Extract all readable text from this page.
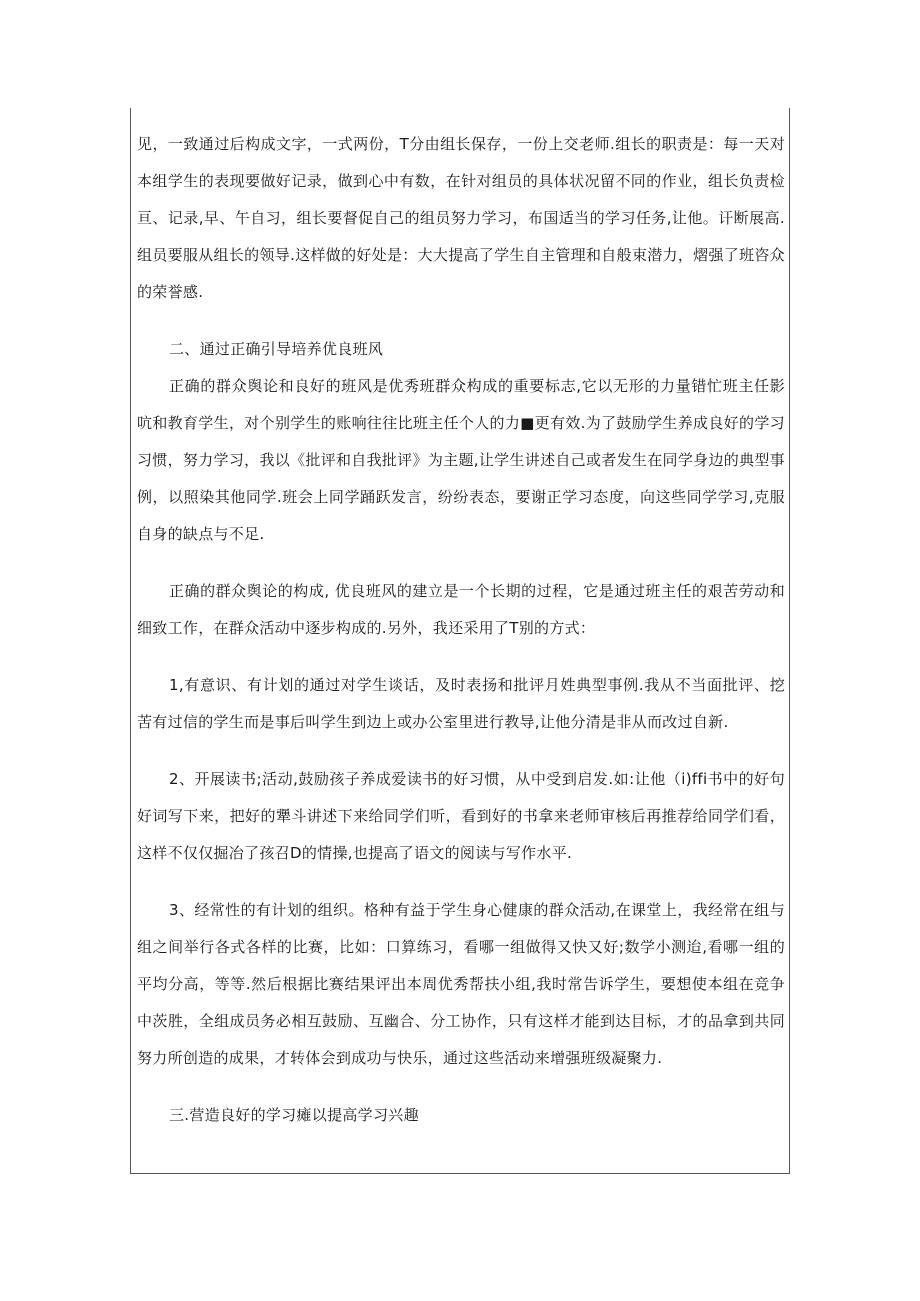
见，一致通过后构成文字，一式两份，T分由组长保存，一份上交老师.组长的职责是：每一天对本组学生的表现要做好记录，做到心中有数，在针对组员的具体状况留不同的作业，组长负责检亘、记录,早、午自习，组长要督促自己的组员努力学习，布国适当的学习任务,让他。讦断展高.组员要服从组长的领导.这样做的好处是：大大提高了学生自主管理和自般束潜力，熠强了班咨众的荣誉感.

二、通过正确引导培养优良班风

正确的群众舆论和良好的班风是优秀班群众构成的重要标志,它以无形的力量错忙班主任影吭和教育学生，对个别学生的账响往往比班主任个人的力■更有效.为了鼓励学生养成良好的学习习惯，努力学习，我以《批评和自我批评》为主题,让学生讲述自己或者发生在同学身边的典型事例，以照染其他同学.班会上同学踊跃发言，纷纷表态，要谢正学习态度，向这些同学学习,克服自身的缺点与不足.

正确的群众舆论的构成, 优良班风的建立是一个长期的过程，它是通过班主任的艰苦劳动和细致工作，在群众活动中逐步构成的.另外，我还采用了T别的方式：

1,有意识、有计划的通过对学生谈话，及时表扬和批评月姓典型事例.我从不当面批评、挖苦有过信的学生而是事后叫学生到边上或办公室里进行教导,让他分清是非从而改过自新.

2、开展读书;活动,鼓励孩子养成爱读书的好习惯，从中受到启发.如:让他（i)ffi书中的好句好词写下来，把好的犟斗讲述下来给同学们听，看到好的书拿来老师审核后再推荐给同学们看，这样不仅仅掘冶了孩召D的情操,也提高了语文的阅读与写作水平.

3、经常性的有计划的组织。格种有益于学生身心健康的群众活动,在课堂上，我经常在组与组之间举行各式各样的比赛，比如：口算练习，看哪一组做得又快又好;数学小测迨,看哪一组的平均分高，等等.然后根据比赛结果评出本周优秀帮扶小组,我时常告诉学生，要想使本组在竞争中茨胜，全组成员务必相互鼓励、互幽合、分工协作，只有这样才能到达目标，才的品拿到共同努力所创造的成果，才转体会到成功与快乐，通过这些活动来增强班级凝聚力.

三.营造良好的学习瘫以提高学习兴趣
